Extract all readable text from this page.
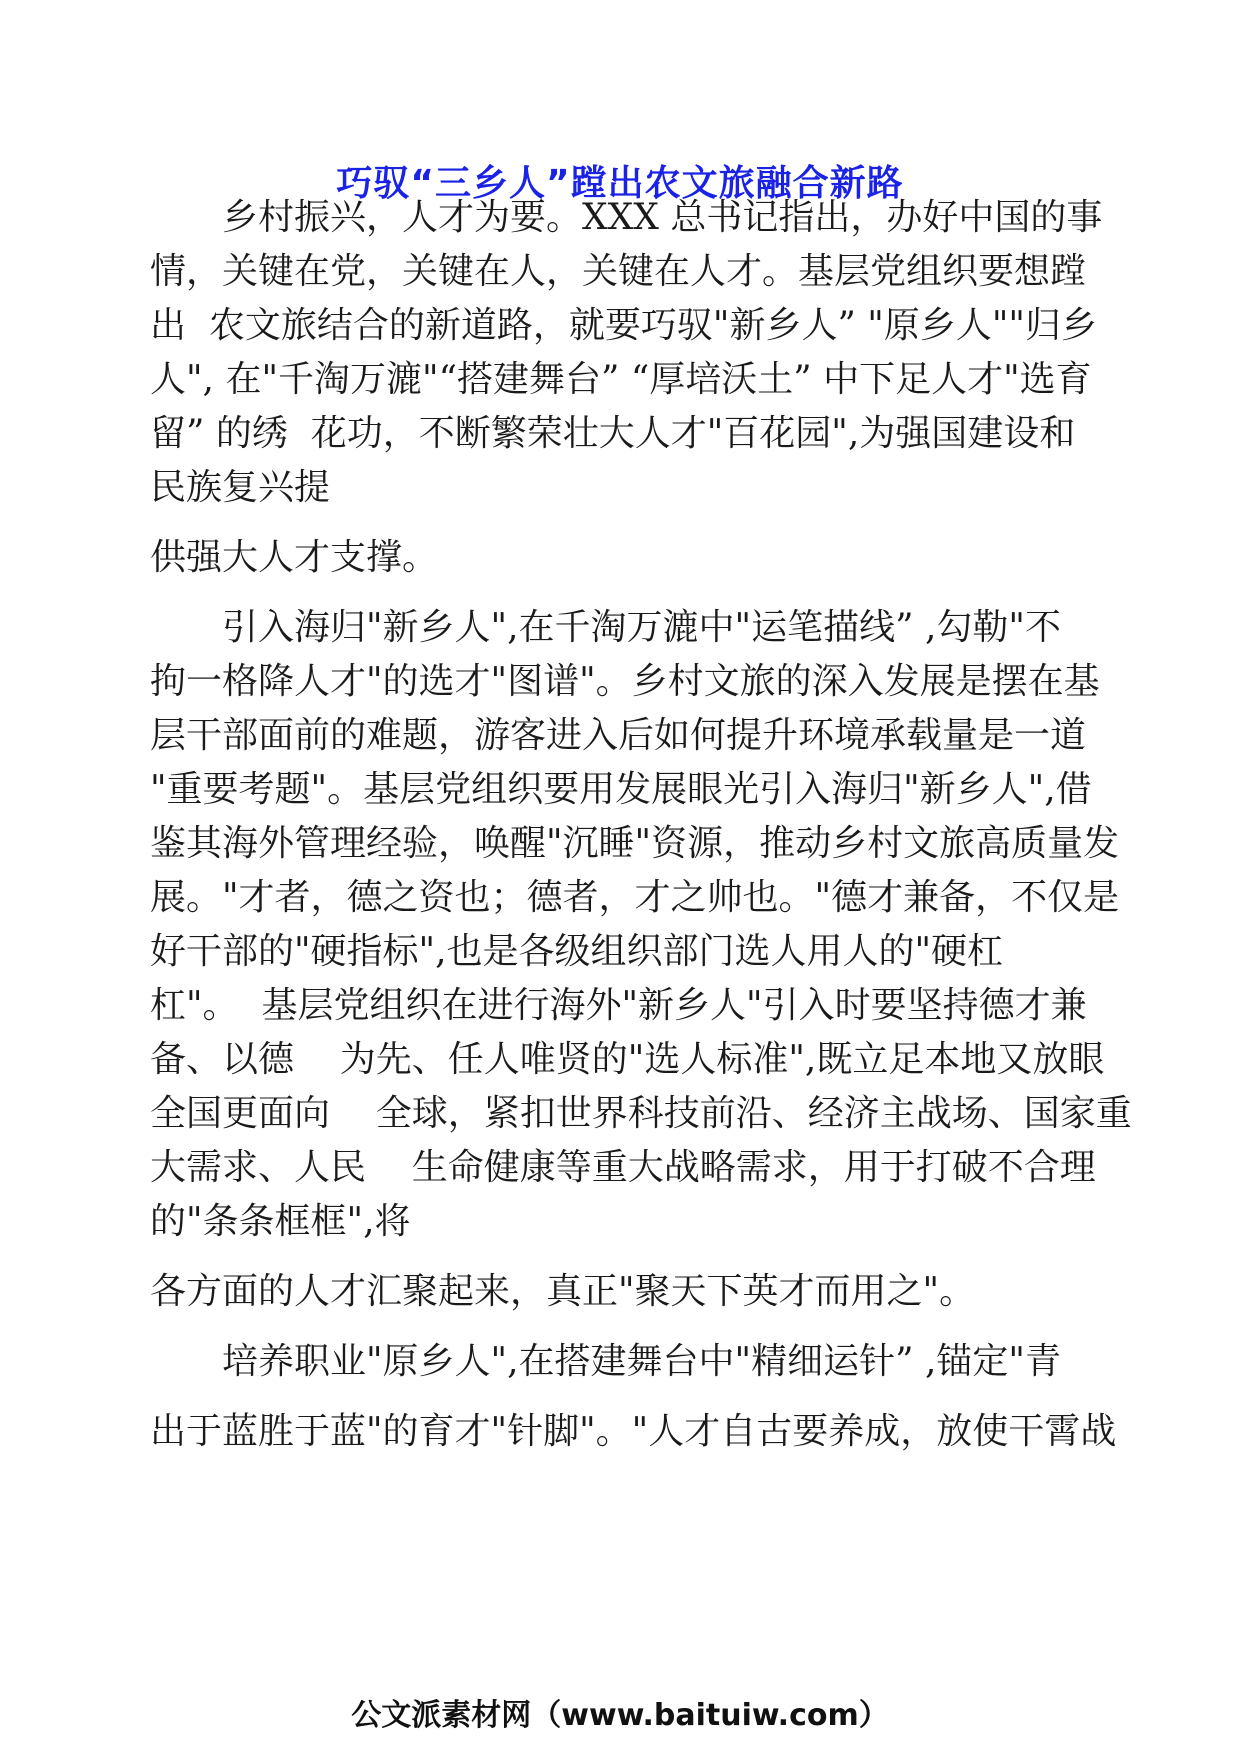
巧驭“三乡人”蹚出农文旅融合新路
乡村振兴，人才为要。XXX 总书记指出，办好中国的事
情，关键在党，关键在人，关键在人才。基层党组织要想蹚
出  农文旅结合的新道路，就要巧驭"新乡人” "原乡人""归乡
人", 在"千淘万漉"“搭建舞台” “厚培沃土” 中下足人才"选育
留” 的绣  花功，不断繁荣壮大人才"百花园",为强国建设和
民族复兴提
供强大人才支撑。
引入海归"新乡人",在千淘万漉中"运笔描线” ,勾勒"不
拘一格降人才"的选才"图谱"。乡村文旅的深入发展是摆在基
层干部面前的难题，游客进入后如何提升环境承载量是一道
"重要考题"。基层党组织要用发展眼光引入海归"新乡人",借
鉴其海外管理经验，唤醒"沉睡"资源，推动乡村文旅高质量发
展。"才者，德之资也；德者，才之帅也。"德才兼备，不仅是
好干部的"硬指标",也是各级组织部门选人用人的"硬杠
杠"。  基层党组织在进行海外"新乡人"引入时要坚持德才兼
备、以德    为先、任人唯贤的"选人标准",既立足本地又放眼
全国更面向    全球，紧扣世界科技前沿、经济主战场、国家重
大需求、人民    生命健康等重大战略需求，用于打破不合理
的"条条框框",将
各方面的人才汇聚起来，真正"聚天下英才而用之"。
培养职业"原乡人",在搭建舞台中"精细运针” ,锚定"青
出于蓝胜于蓝"的育才"针脚"。"人才自古要养成，放使干霄战
公文派素材网（www.baituiw.com）
